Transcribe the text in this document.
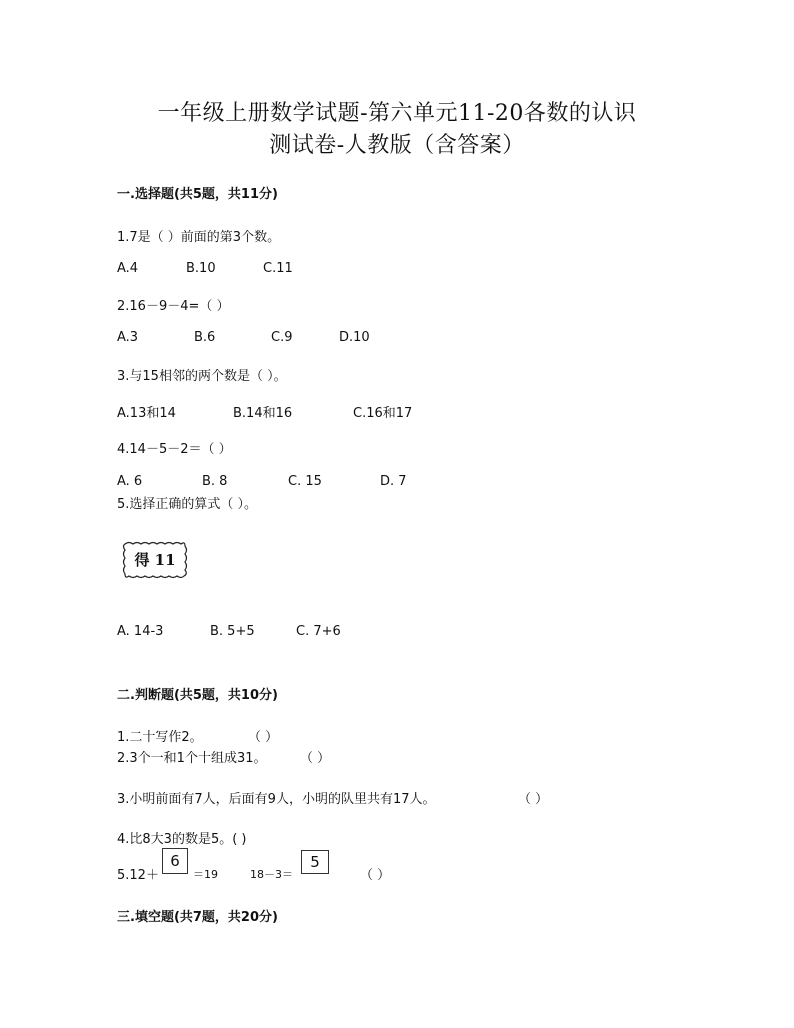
一年级上册数学试题-第六单元11-20各数的认识
测试卷-人教版（含答案）
一.选择题(共5题，共11分)
1.7是（ ）前面的第3个数。
A.4	B.10	C.11
2.16－9－4=（ ）
A.3	B.6	C.9	D.10
3.与15相邻的两个数是（ ）。
A.13和14	B.14和16	C.16和17
4.14－5－2＝（ ）
A. 6	B. 8	C. 15	D. 7
5.选择正确的算式（ ）。
得 11
A. 14-3	B. 5+5	C. 7+6
二.判断题(共5题，共10分)
1.二十写作2。	（ ）
2.3个一和1个十组成31。	（ ）
3.小明前面有7人，后面有9人，小明的队里共有17人。	（ ）
4.比8大3的数是5。( )
5.12＋
6
＝19	18－3＝
5
（ ）
三.填空题(共7题，共20分)
